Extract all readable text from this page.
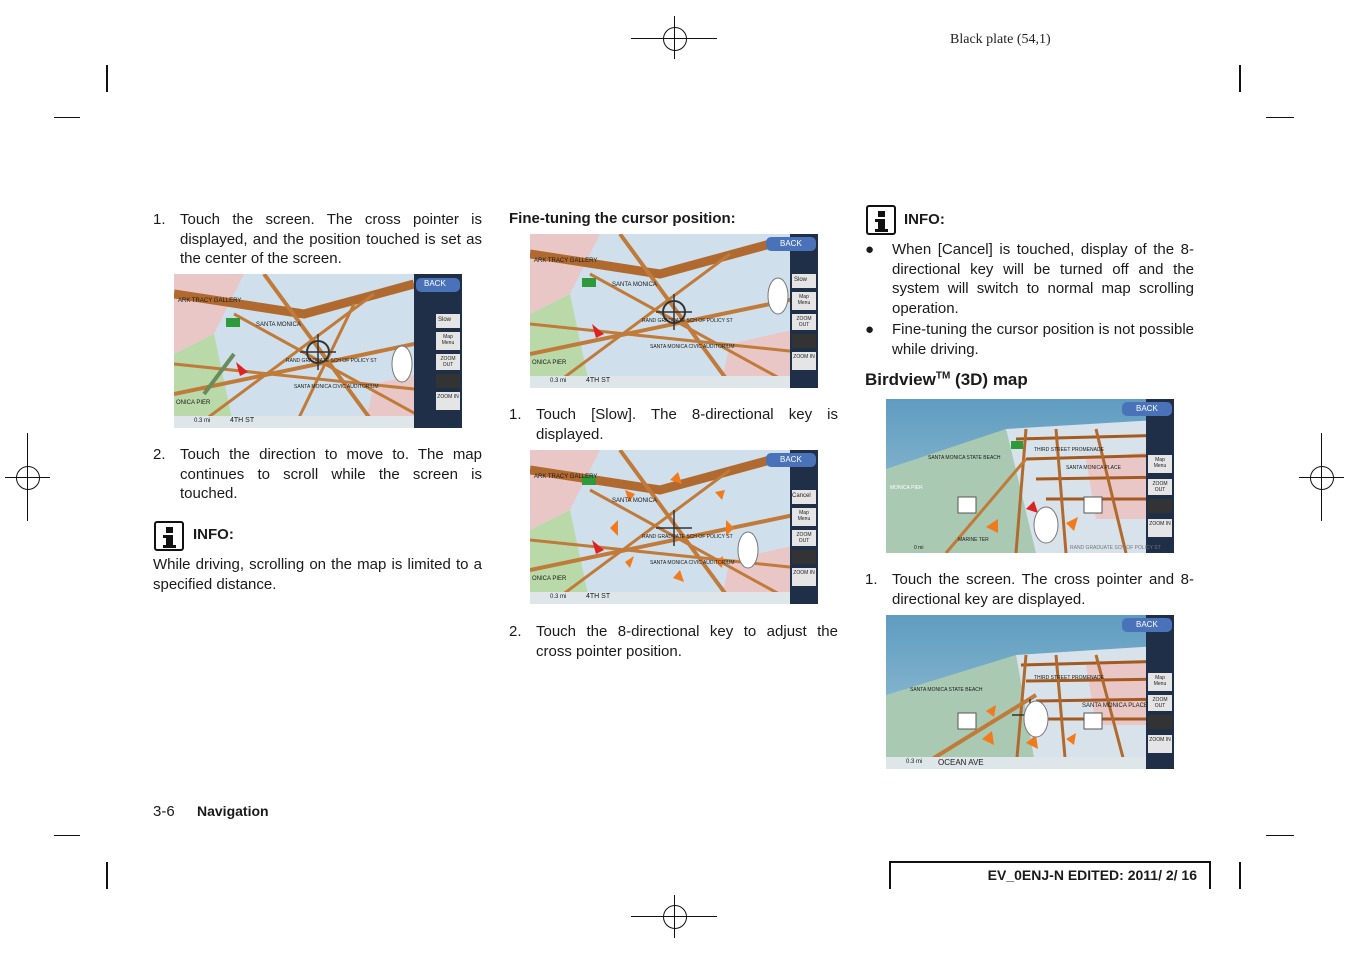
Black plate (54,1)

1. Touch the screen. The cross pointer is displayed, and the position touched is set as the center of the screen.

BACK
Slow
Map Menu
ZOOM OUT
ZOOM IN
ARK TRACY GALLERY
SANTA MONICA
RAND GRADUATE SCH OF POLICY ST
SANTA MONICA CIVIC AUDITORIUM
ONICA PIER
0.3 mi	4TH ST

2. Touch the direction to move to. The map continues to scroll while the screen is touched.

INFO:

While driving, scrolling on the map is limited to a specified distance.

Fine-tuning the cursor position:
BACK
Slow
Map Menu
ZOOM OUT
ZOOM IN
ARK TRACY GALLERY
SANTA MONICA
RAND GRADUATE SCH OF POLICY ST
SANTA MONICA CIVIC AUDITORIUM
ONICA PIER
0.3 mi	4TH ST

1. Touch [Slow]. The 8-directional key is displayed.

BACK
Cancel
Map Menu
ZOOM OUT
ZOOM IN
ARK TRACY GALLERY
SANTA MONICA
RAND GRADUATE SCH OF POLICY ST
SANTA MONICA CIVIC AUDITORIUM
ONICA PIER
0.3 mi	4TH ST

2. Touch the 8-directional key to adjust the cross pointer position.

INFO:

●	When [Cancel] is touched, display of the 8-directional key will be turned off and the system will switch to normal map scrolling operation.

●	Fine-tuning the cursor position is not possible while driving.

Birdview™ (3D) map
BACK
Map Menu
ZOOM OUT
ZOOM IN
SANTA MONICA STATE BEACH
THIRD STREET PROMENADE
SANTA MONICA PLACE
MONICA PIER
MARINE TER
RAND GRADUATE SCH OF POLICY ST
0 mi

1. Touch the screen. The cross pointer and 8-directional key are displayed.

BACK
Map Menu
ZOOM OUT
ZOOM IN
SANTA MONICA STATE BEACH
THIRD STREET PROMENADE
SANTA MONICA PLACE
0.3 mi OCEAN AVE
3-6 Navigation
EV_0ENJ-N EDITED: 2011/ 2/ 16
